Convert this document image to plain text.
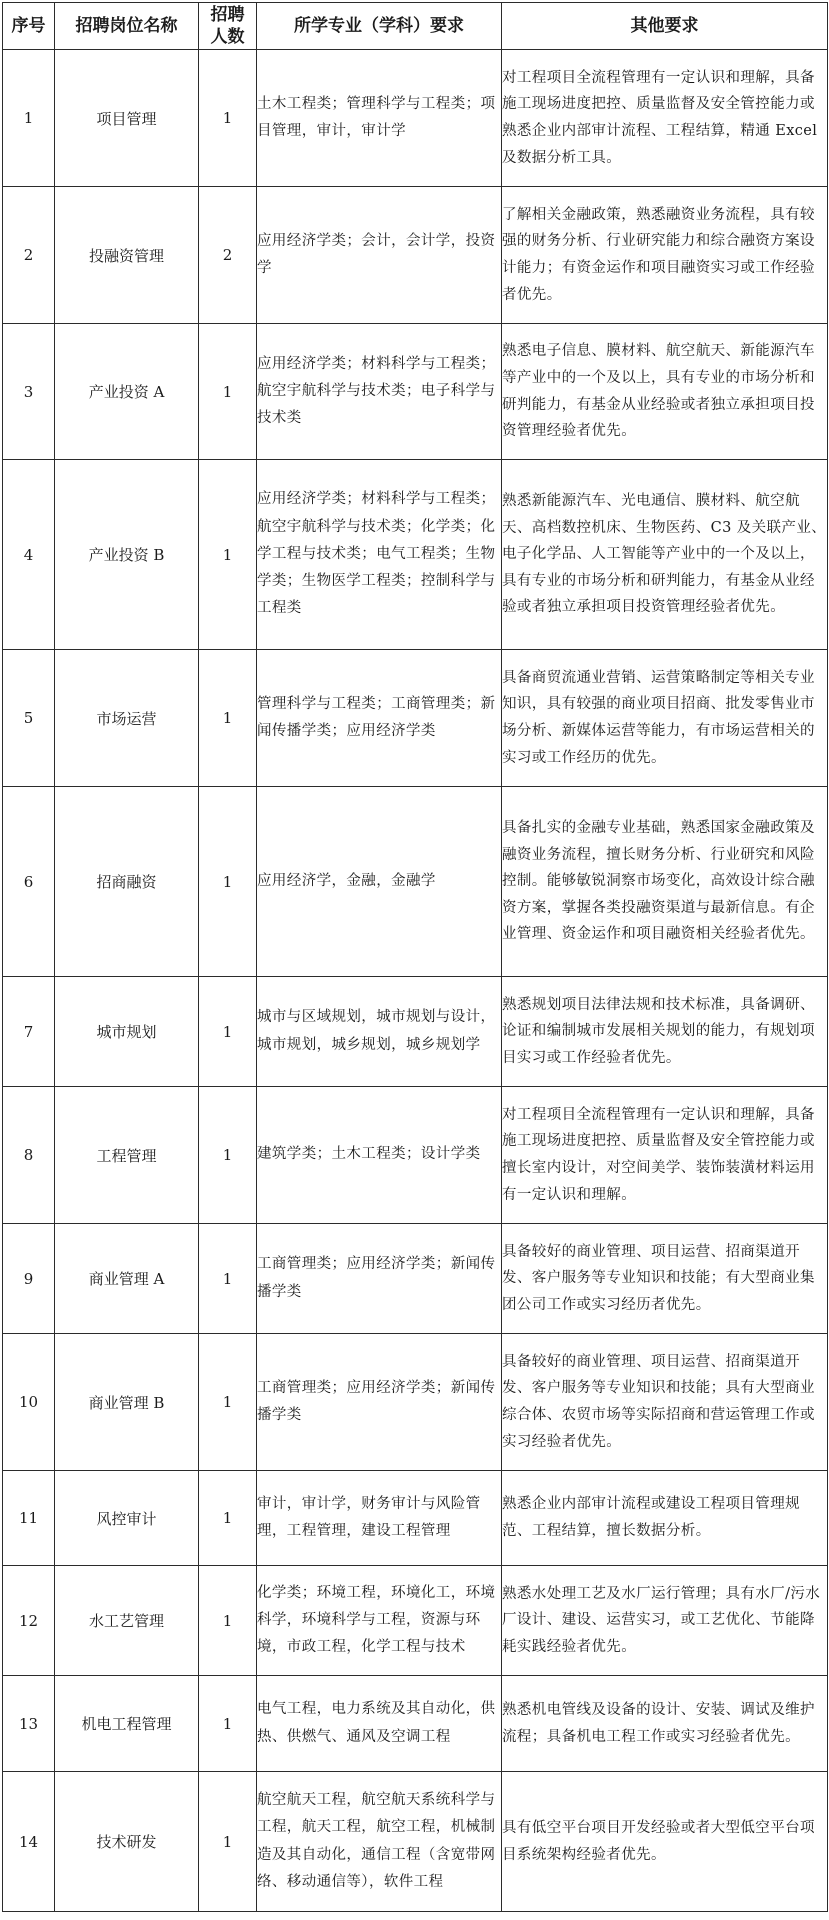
序号	招聘岗位名称	招聘人数	所学专业（学科）要求	其他要求
1	项目管理	1	土木工程类；管理科学与工程类；项目管理，审计，审计学	对工程项目全流程管理有一定认识和理解，具备施工现场进度把控、质量监督及安全管控能力或熟悉企业内部审计流程、工程结算，精通 Excel 及数据分析工具。
2	投融资管理	2	应用经济学类；会计，会计学，投资学	了解相关金融政策，熟悉融资业务流程，具有较强的财务分析、行业研究能力和综合融资方案设计能力；有资金运作和项目融资实习或工作经验者优先。
3	产业投资 A	1	应用经济学类；材料科学与工程类；航空宇航科学与技术类；电子科学与技术类	熟悉电子信息、膜材料、航空航天、新能源汽车等产业中的一个及以上，具有专业的市场分析和研判能力，有基金从业经验或者独立承担项目投资管理经验者优先。
4	产业投资 B	1	应用经济学类；材料科学与工程类；航空宇航科学与技术类；化学类；化学工程与技术类；电气工程类；生物学类；生物医学工程类；控制科学与工程类	熟悉新能源汽车、光电通信、膜材料、航空航天、高档数控机床、生物医药、C3 及关联产业、电子化学品、人工智能等产业中的一个及以上，具有专业的市场分析和研判能力，有基金从业经验或者独立承担项目投资管理经验者优先。
5	市场运营	1	管理科学与工程类；工商管理类；新闻传播学类；应用经济学类	具备商贸流通业营销、运营策略制定等相关专业知识，具有较强的商业项目招商、批发零售业市场分析、新媒体运营等能力，有市场运营相关的实习或工作经历的优先。
6	招商融资	1	应用经济学，金融，金融学	具备扎实的金融专业基础，熟悉国家金融政策及融资业务流程，擅长财务分析、行业研究和风险控制。能够敏锐洞察市场变化，高效设计综合融资方案，掌握各类投融资渠道与最新信息。有企业管理、资金运作和项目融资相关经验者优先。
7	城市规划	1	城市与区域规划，城市规划与设计，城市规划，城乡规划，城乡规划学	熟悉规划项目法律法规和技术标准，具备调研、论证和编制城市发展相关规划的能力，有规划项目实习或工作经验者优先。
8	工程管理	1	建筑学类；土木工程类；设计学类	对工程项目全流程管理有一定认识和理解，具备施工现场进度把控、质量监督及安全管控能力或擅长室内设计，对空间美学、装饰装潢材料运用有一定认识和理解。
9	商业管理 A	1	工商管理类；应用经济学类；新闻传播学类	具备较好的商业管理、项目运营、招商渠道开发、客户服务等专业知识和技能；有大型商业集团公司工作或实习经历者优先。
10	商业管理 B	1	工商管理类；应用经济学类；新闻传播学类	具备较好的商业管理、项目运营、招商渠道开发、客户服务等专业知识和技能；具有大型商业综合体、农贸市场等实际招商和营运管理工作或实习经验者优先。
11	风控审计	1	审计，审计学，财务审计与风险管理，工程管理，建设工程管理	熟悉企业内部审计流程或建设工程项目管理规范、工程结算，擅长数据分析。
12	水工艺管理	1	化学类；环境工程，环境化工，环境科学，环境科学与工程，资源与环境，市政工程，化学工程与技术	熟悉水处理工艺及水厂运行管理；具有水厂/污水厂设计、建设、运营实习，或工艺优化、节能降耗实践经验者优先。
13	机电工程管理	1	电气工程，电力系统及其自动化，供热、供燃气、通风及空调工程	熟悉机电管线及设备的设计、安装、调试及维护流程；具备机电工程工作或实习经验者优先。
14	技术研发	1	航空航天工程，航空航天系统科学与工程，航天工程，航空工程，机械制造及其自动化，通信工程（含宽带网络、移动通信等），软件工程	具有低空平台项目开发经验或者大型低空平台项目系统架构经验者优先。
